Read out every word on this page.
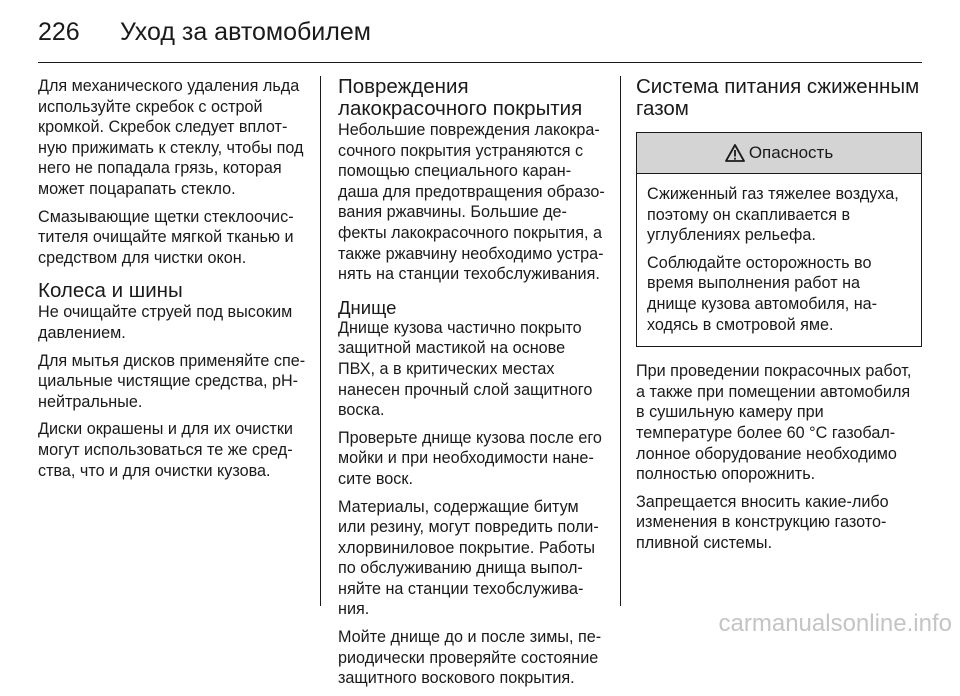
226 Уход за автомобилем

Для механического удаления льда используйте скребок с острой кромкой. Скребок следует вплотную прижимать к стеклу, чтобы под него не попадала грязь, которая может поцарапать стекло.

Смазывающие щетки стеклоочистителя очищайте мягкой тканью и средством для чистки окон.

Колеса и шины

Не очищайте струей под высоким давлением.

Для мытья дисков применяйте специальные чистящие средства, рН-нейтральные.

Диски окрашены и для их очистки могут использоваться те же средства, что и для очистки кузова.

Повреждения лакокрасочного покрытия

Небольшие повреждения лакокрасочного покрытия устраняются с помощью специального карандаша для предотвращения образования ржавчины. Большие дефекты лакокрасочного покрытия, а также ржавчину необходимо устранять на станции техобслуживания.

Днище

Днище кузова частично покрыто защитной мастикой на основе ПВХ, а в критических местах нанесен прочный слой защитного воска.

Проверьте днище кузова после его мойки и при необходимости нанесите воск.

Материалы, содержащие битум или резину, могут повредить полихлорвиниловое покрытие. Работы по обслуживанию днища выполняйте на станции техобслуживания.

Мойте днище до и после зимы, периодически проверяйте состояние защитного воскового покрытия.

Система питания сжиженным газом
Опасность

Сжиженный газ тяжелее воздуха, поэтому он скапливается в углублениях рельефа.

Соблюдайте осторожность во время выполнения работ на днище кузова автомобиля, находясь в смотровой яме.

При проведении покрасочных работ, а также при помещении автомобиля в сушильную камеру при температуре более 60 °C газобаллонное оборудование необходимо полностью опорожнить.

Запрещается вносить какие-либо изменения в конструкцию газотопливной системы.

carmanualsonline.info
